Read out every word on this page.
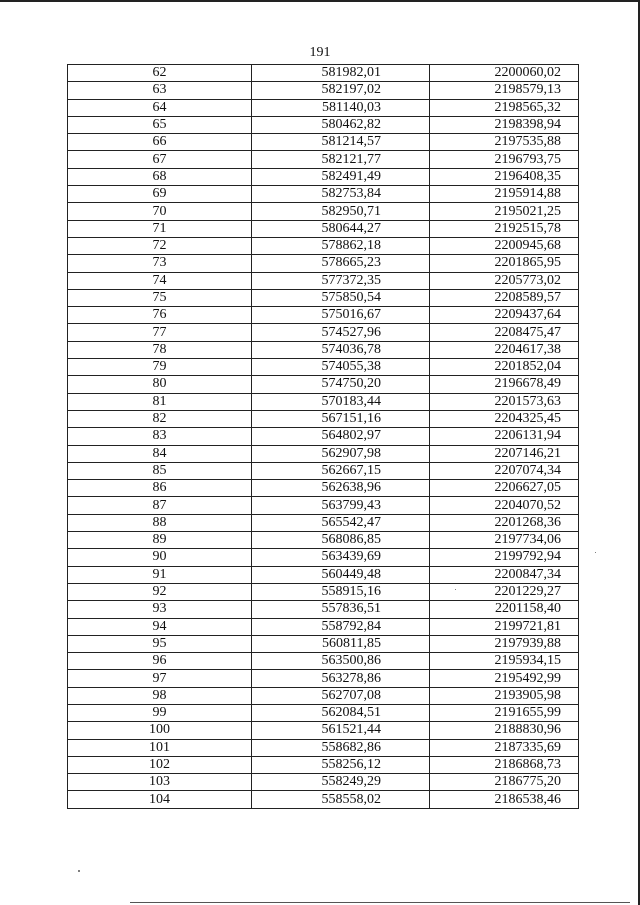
191
62	581982,01	2200060,02
63	582197,02	2198579,13
64	581140,03	2198565,32
65	580462,82	2198398,94
66	581214,57	2197535,88
67	582121,77	2196793,75
68	582491,49	2196408,35
69	582753,84	2195914,88
70	582950,71	2195021,25
71	580644,27	2192515,78
72	578862,18	2200945,68
73	578665,23	2201865,95
74	577372,35	2205773,02
75	575850,54	2208589,57
76	575016,67	2209437,64
77	574527,96	2208475,47
78	574036,78	2204617,38
79	574055,38	2201852,04
80	574750,20	2196678,49
81	570183,44	2201573,63
82	567151,16	2204325,45
83	564802,97	2206131,94
84	562907,98	2207146,21
85	562667,15	2207074,34
86	562638,96	2206627,05
87	563799,43	2204070,52
88	565542,47	2201268,36
89	568086,85	2197734,06
90	563439,69	2199792,94
91	560449,48	2200847,34
92	558915,16	2201229,27
93	557836,51	2201158,40
94	558792,84	2199721,81
95	560811,85	2197939,88
96	563500,86	2195934,15
97	563278,86	2195492,99
98	562707,08	2193905,98
99	562084,51	2191655,99
100	561521,44	2188830,96
101	558682,86	2187335,69
102	558256,12	2186868,73
103	558249,29	2186775,20
104	558558,02	2186538,46
